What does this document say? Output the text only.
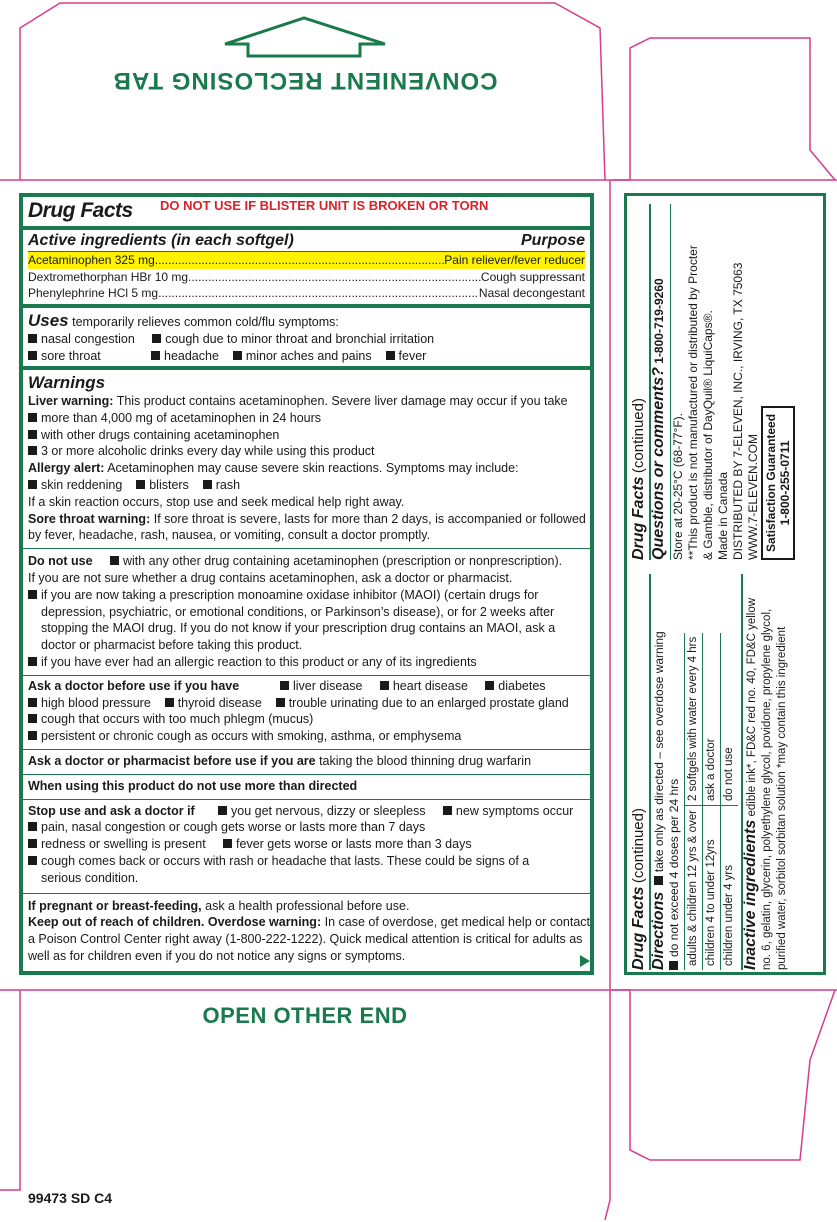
CONVENIENT RECLOSING TAB
Drug Facts DO NOT USE IF BLISTER UNIT IS BROKEN OR TORN
Active ingredients (in each softgel)	Purpose
Acetaminophen 325 mg .....	Pain reliever/fever reducer
Dextromethorphan HBr 10 mg .....	Cough suppressant
Phenylephrine HCl 5 mg .....	Nasal decongestant
Uses temporarily relieves common cold/flu symptoms:
nasal congestion cough due to minor throat and bronchial irritation
sore throat	headache minor aches and pains fever
Warnings
Liver warning: This product contains acetaminophen. Severe liver damage may occur if you take
more than 4,000 mg of acetaminophen in 24 hours
with other drugs containing acetaminophen
3 or more alcoholic drinks every day while using this product
Allergy alert: Acetaminophen may cause severe skin reactions. Symptoms may include:
skin reddening blisters rash
If a skin reaction occurs, stop use and seek medical help right away.
Sore throat warning: If sore throat is severe, lasts for more than 2 days, is accompanied or followed
by fever, headache, rash, nausea, or vomiting, consult a doctor promptly.
Do not use with any other drug containing acetaminophen (prescription or nonprescription).
If you are not sure whether a drug contains acetaminophen, ask a doctor or pharmacist.
if you are now taking a prescription monoamine oxidase inhibitor (MAOI) (certain drugs for
depression, psychiatric, or emotional conditions, or Parkinson’s disease), or for 2 weeks after
stopping the MAOI drug. If you do not know if your prescription drug contains an MAOI, ask a
doctor or pharmacist before taking this product.
if you have ever had an allergic reaction to this product or any of its ingredients
Ask a doctor before use if you have	liver disease heart disease diabetes
high blood pressure thyroid disease trouble urinating due to an enlarged prostate gland
cough that occurs with too much phlegm (mucus)
persistent or chronic cough as occurs with smoking, asthma, or emphysema
Ask a doctor or pharmacist before use if you are taking the blood thinning drug warfarin
When using this product do not use more than directed
Stop use and ask a doctor if	you get nervous, dizzy or sleepless new symptoms occur
pain, nasal congestion or cough gets worse or lasts more than 7 days
redness or swelling is present fever gets worse or lasts more than 3 days
cough comes back or occurs with rash or headache that lasts. These could be signs of a
serious condition.
If pregnant or breast-feeding, ask a health professional before use.
Keep out of reach of children. Overdose warning: In case of overdose, get medical help or contact
a Poison Control Center right away (1-800-222-1222). Quick medical attention is critical for adults as
well as for children even if you do not notice any signs or symptoms.
OPEN OTHER END
99473 SD C4
Drug Facts (continued)
Directions  take only as directed – see overdose warning do not exceed 4 doses per 24 hrs adults & children 12 yrs & over	2 softgels with water every 4 hrs
children 4 to under 12yrs	ask a doctor
children under 4 yrs	do not use
Inactive ingredients edible ink*, FD&C red no. 40, FD&C yellow no. 6, gelatin, glycerin, polyethylene glycol, povidone, propylene glycol, purified water, sorbitol sorbitan solution *may contain this ingredient
Drug Facts (continued) Questions or comments? 1-800-719-9260
Store at 20-25°C (68-77°F). **This product is not manufactured or distributed by Procter & Gamble, distributor of DayQuil® LiquiCaps®. Made in Canada DISTRIBUTED BY 7-ELEVEN, INC., IRVING, TX 75063 WWW.7-ELEVEN.COM Satisfaction Guaranteed 1-800-255-0711
